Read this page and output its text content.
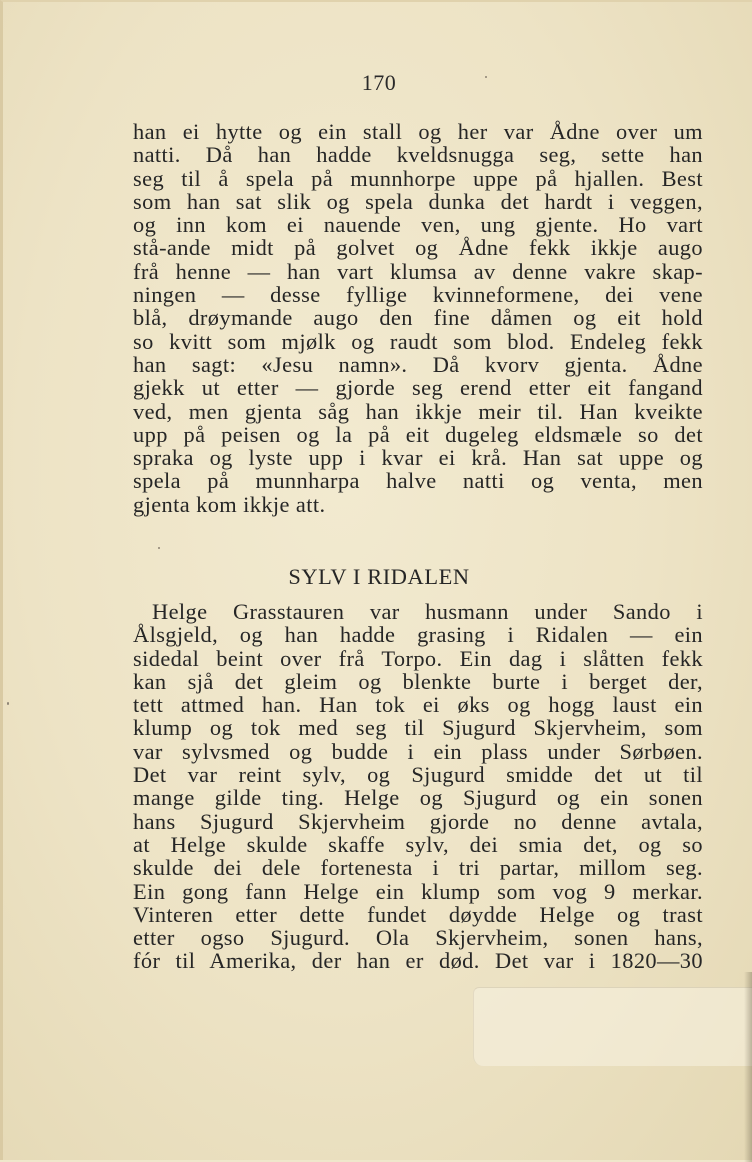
170
han ei hytte og ein stall og her var Ådne over um
natti. Då han hadde kveldsnugga seg, sette han
seg til å spela på munnhorpe uppe på hjallen. Best
som han sat slik og spela dunka det hardt i veggen,
og inn kom ei nauende ven, ung gjente. Ho vart
stå-ande midt på golvet og Ådne fekk ikkje augo
frå henne — han vart klumsa av denne vakre skap-
ningen — desse fyllige kvinneformene, dei vene
blå, drøymande augo den fine dåmen og eit hold
so kvitt som mjølk og raudt som blod. Endeleg fekk
han sagt: «Jesu namn». Då kvorv gjenta. Ådne
gjekk ut etter — gjorde seg erend etter eit fangand
ved, men gjenta såg han ikkje meir til. Han kveikte
upp på peisen og la på eit dugeleg eldsmæle so det
spraka og lyste upp i kvar ei krå. Han sat uppe og
spela på munnharpa halve natti og venta, men
gjenta kom ikkje att.
SYLV I RIDALEN
Helge Grasstauren var husmann under Sando i
Ålsgjeld, og han hadde grasing i Ridalen — ein
sidedal beint over frå Torpo. Ein dag i slåtten fekk
kan sjå det gleim og blenkte burte i berget der,
tett attmed han. Han tok ei øks og hogg laust ein
klump og tok med seg til Sjugurd Skjervheim, som
var sylvsmed og budde i ein plass under Sørbøen.
Det var reint sylv, og Sjugurd smidde det ut til
mange gilde ting. Helge og Sjugurd og ein sonen
hans Sjugurd Skjervheim gjorde no denne avtala,
at Helge skulde skaffe sylv, dei smia det, og so
skulde dei dele fortenesta i tri partar, millom seg.
Ein gong fann Helge ein klump som vog 9 merkar.
Vinteren etter dette fundet døydde Helge og trast
etter ogso Sjugurd. Ola Skjervheim, sonen hans,
fór til Amerika, der han er død. Det var i 1820—30
